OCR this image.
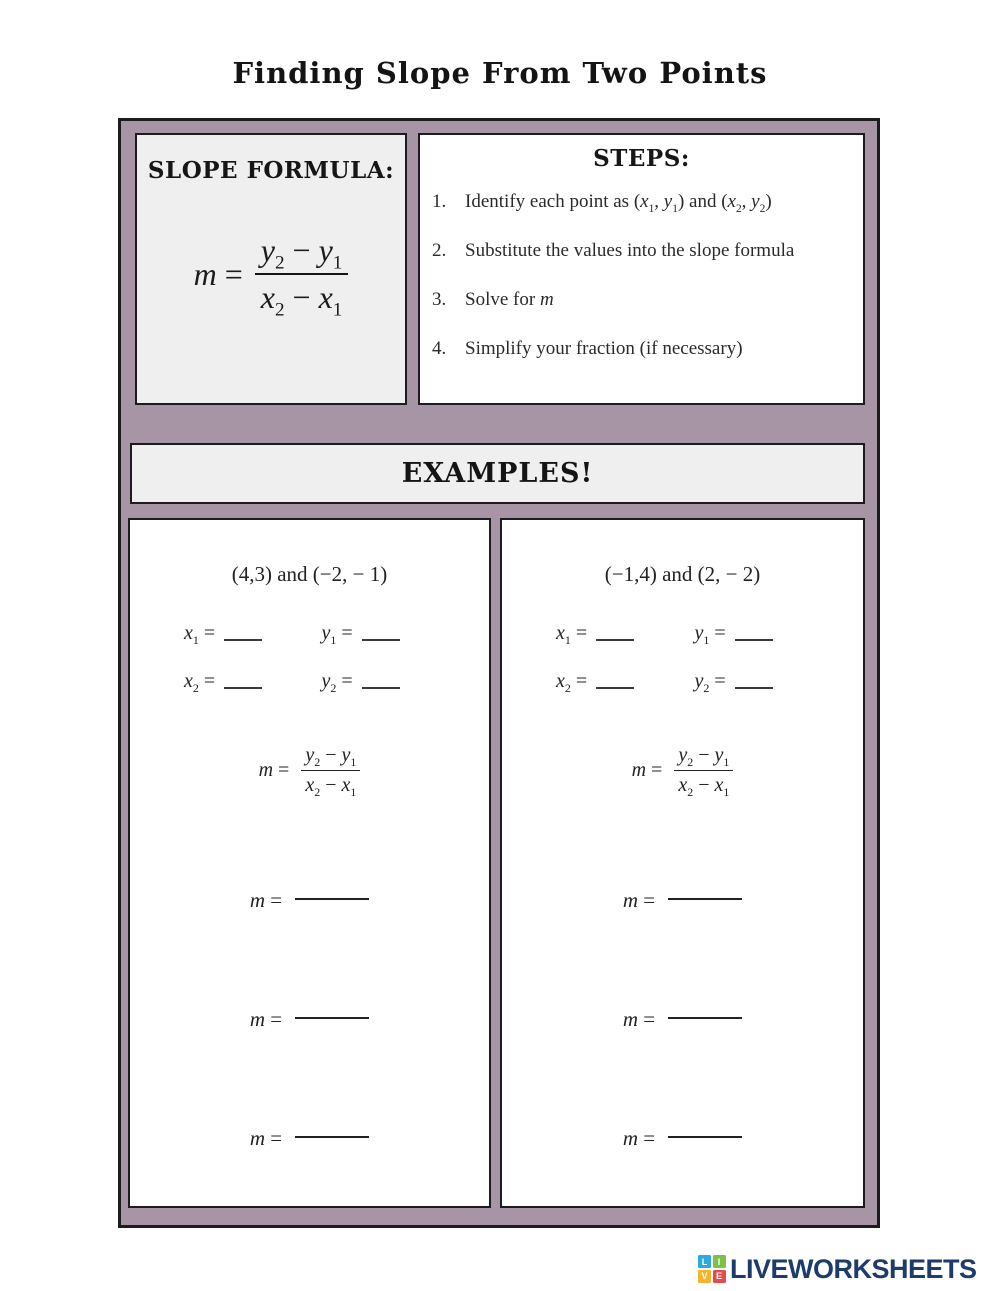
Finding Slope From Two Points
SLOPE FORMULA:
$m = \frac{y_2 - y_1}{x_2 - x_1}$
STEPS:
1. Identify each point as ($x_1$, $y_1$) and ($x_2$, $y_2$)
2. Substitute the values into the slope formula
3. Solve for m
4. Simplify your fraction (if necessary)
EXAMPLES!
(4,3) and (−2, − 1)
$x_1$ =	$y_1$ =
$x_2$ =	$y_2$ =
$m = \frac{y_2 - y_1}{x_2 - x_1}$
m =
m =
m =
(−1,4) and (2, − 2)
$x_1$ =	$y_1$ =
$x_2$ =	$y_2$ =
$m = \frac{y_2 - y_1}{x_2 - x_1}$
m =
m =
m =
L	I
V E LIVEWORKSHEETS
